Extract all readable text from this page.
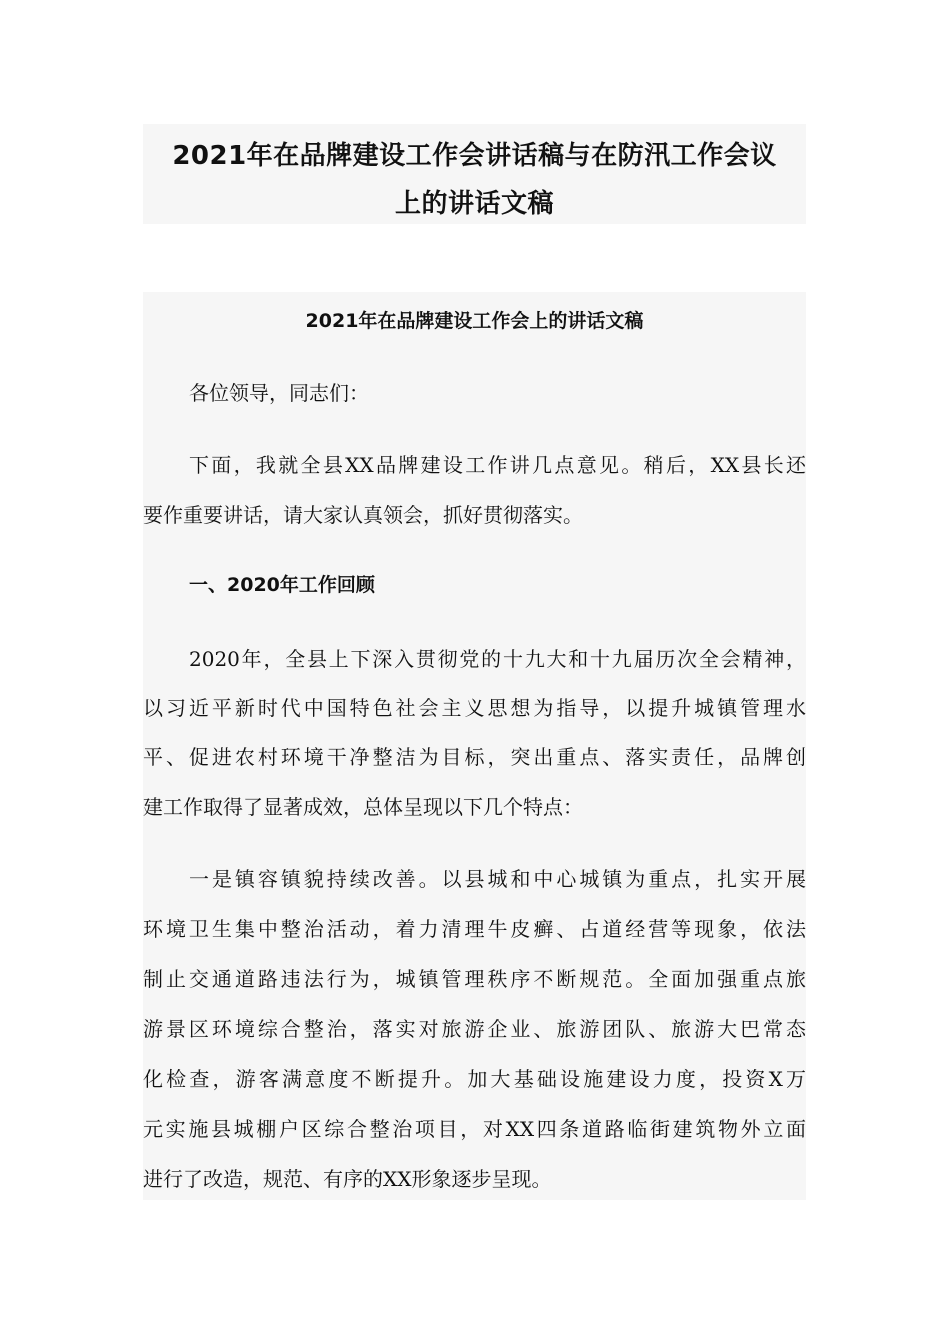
2021年在品牌建设工作会讲话稿与在防汛工作会议
上的讲话文稿
2021年在品牌建设工作会上的讲话文稿
各位领导，同志们：
下面，我就全县XX品牌建设工作讲几点意见。稍后，XX县长还
要作重要讲话，请大家认真领会，抓好贯彻落实。
一、2020年工作回顾
2020年，全县上下深入贯彻党的十九大和十九届历次全会精神，
以习近平新时代中国特色社会主义思想为指导，以提升城镇管理水
平、促进农村环境干净整洁为目标，突出重点、落实责任，品牌创
建工作取得了显著成效，总体呈现以下几个特点：
一是镇容镇貌持续改善。以县城和中心城镇为重点，扎实开展
环境卫生集中整治活动，着力清理牛皮癣、占道经营等现象，依法
制止交通道路违法行为，城镇管理秩序不断规范。全面加强重点旅
游景区环境综合整治，落实对旅游企业、旅游团队、旅游大巴常态
化检查，游客满意度不断提升。加大基础设施建设力度，投资X万
元实施县城棚户区综合整治项目，对XX四条道路临街建筑物外立面
进行了改造，规范、有序的XX形象逐步呈现。
